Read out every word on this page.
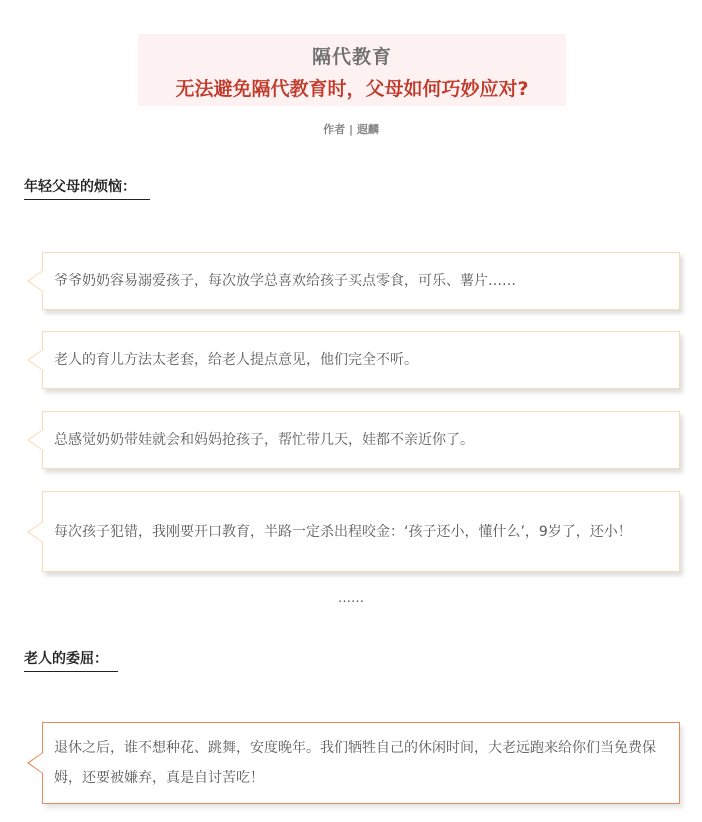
隔代教育
无法避免隔代教育时，父母如何巧妙应对?
作者 | 遐麟
年轻父母的烦恼：
爷爷奶奶容易溺爱孩子，每次放学总喜欢给孩子买点零食，可乐、薯片……
老人的育儿方法太老套，给老人提点意见，他们完全不听。
总感觉奶奶带娃就会和妈妈抢孩子，帮忙带几天，娃都不亲近你了。
每次孩子犯错，我刚要开口教育，半路一定杀出程咬金：‘孩子还小，懂什么’，9岁了，还小！
……
老人的委屈：
退休之后，谁不想种花、跳舞，安度晚年。我们牺牲自己的休闲时间，大老远跑来给你们当免费保姆，还要被嫌弃，真是自讨苦吃！
